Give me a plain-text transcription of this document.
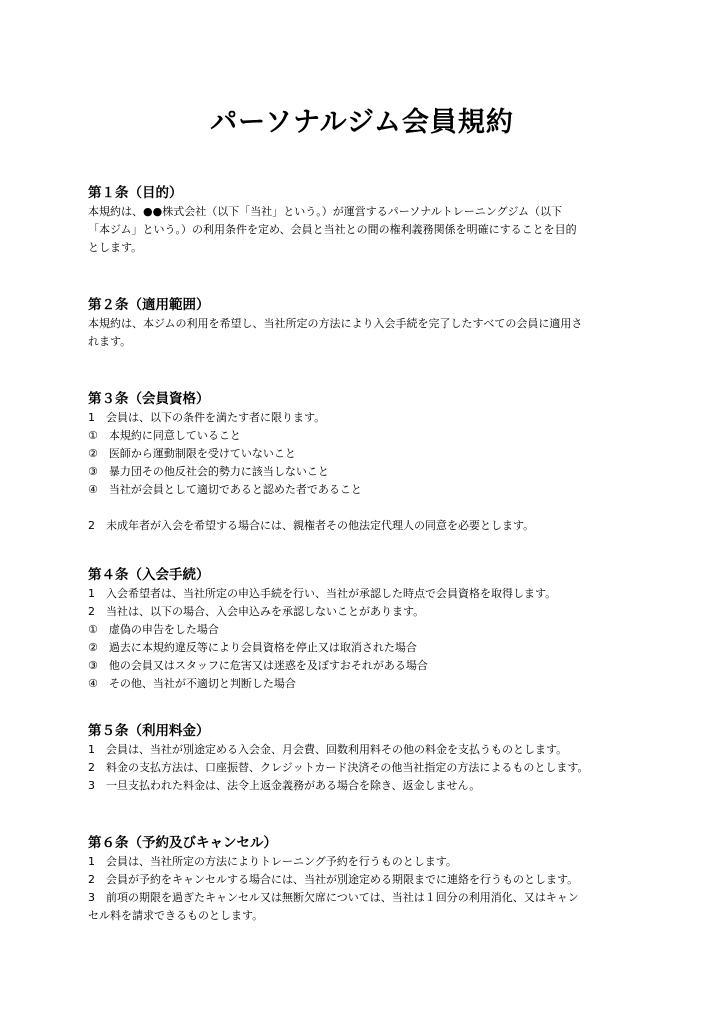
パーソナルジム会員規約
第１条（目的）
本規約は、●●株式会社（以下「当社」という。）が運営するパーソナルトレーニングジム（以下
「本ジム」という。）の利用条件を定め、会員と当社との間の権利義務関係を明確にすることを目的
とします。
第２条（適用範囲）
本規約は、本ジムの利用を希望し、当社所定の方法により入会手続を完了したすべての会員に適用さ
れます。
第３条（会員資格）
1　会員は、以下の条件を満たす者に限ります。
①　本規約に同意していること
②　医師から運動制限を受けていないこと
③　暴力団その他反社会的勢力に該当しないこと
④　当社が会員として適切であると認めた者であること
2　未成年者が入会を希望する場合には、親権者その他法定代理人の同意を必要とします。
第４条（入会手続）
1　入会希望者は、当社所定の申込手続を行い、当社が承認した時点で会員資格を取得します。
2　当社は、以下の場合、入会申込みを承認しないことがあります。
①　虚偽の申告をした場合
②　過去に本規約違反等により会員資格を停止又は取消された場合
③　他の会員又はスタッフに危害又は迷惑を及ぼすおそれがある場合
④　その他、当社が不適切と判断した場合
第５条（利用料金）
1　会員は、当社が別途定める入会金、月会費、回数利用料その他の料金を支払うものとします。
2　料金の支払方法は、口座振替、クレジットカード決済その他当社指定の方法によるものとします。
3　一旦支払われた料金は、法令上返金義務がある場合を除き、返金しません。
第６条（予約及びキャンセル）
1　会員は、当社所定の方法によりトレーニング予約を行うものとします。
2　会員が予約をキャンセルする場合には、当社が別途定める期限までに連絡を行うものとします。
3　前項の期限を過ぎたキャンセル又は無断欠席については、当社は１回分の利用消化、又はキャン
セル料を請求できるものとします。
